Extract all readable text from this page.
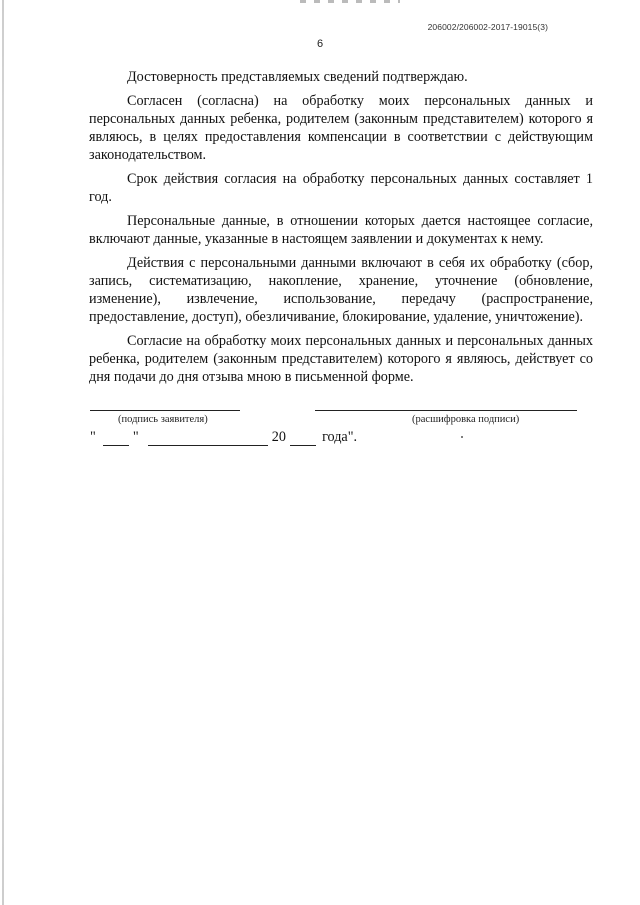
206002/206002-2017-19015(3)
6

Достоверность представляемых сведений подтверждаю.

Согласен (согласна) на обработку моих персональных данных и персональных данных ребенка, родителем (законным представителем) которого я являюсь, в целях предоставления компенсации в соответствии с действующим законодательством.

Срок действия согласия на обработку персональных данных составляет 1 год.

Персональные данные, в отношении которых дается настоящее согласие, включают данные, указанные в настоящем заявлении и документах к нему.

Действия с персональными данными включают в себя их обработку (сбор, запись, систематизацию, накопление, хранение, уточнение (обновление, изменение), извлечение, использование, передачу (распространение, предоставление, доступ), обезличивание, блокирование, удаление, уничтожение).

Согласие на обработку моих персональных данных и персональных данных ребенка, родителем (законным представителем) которого я являюсь, действует со дня подачи до дня отзыва мною в письменной форме.

(подпись заявителя)	(расшифровка подписи)
"	"	20	года".
